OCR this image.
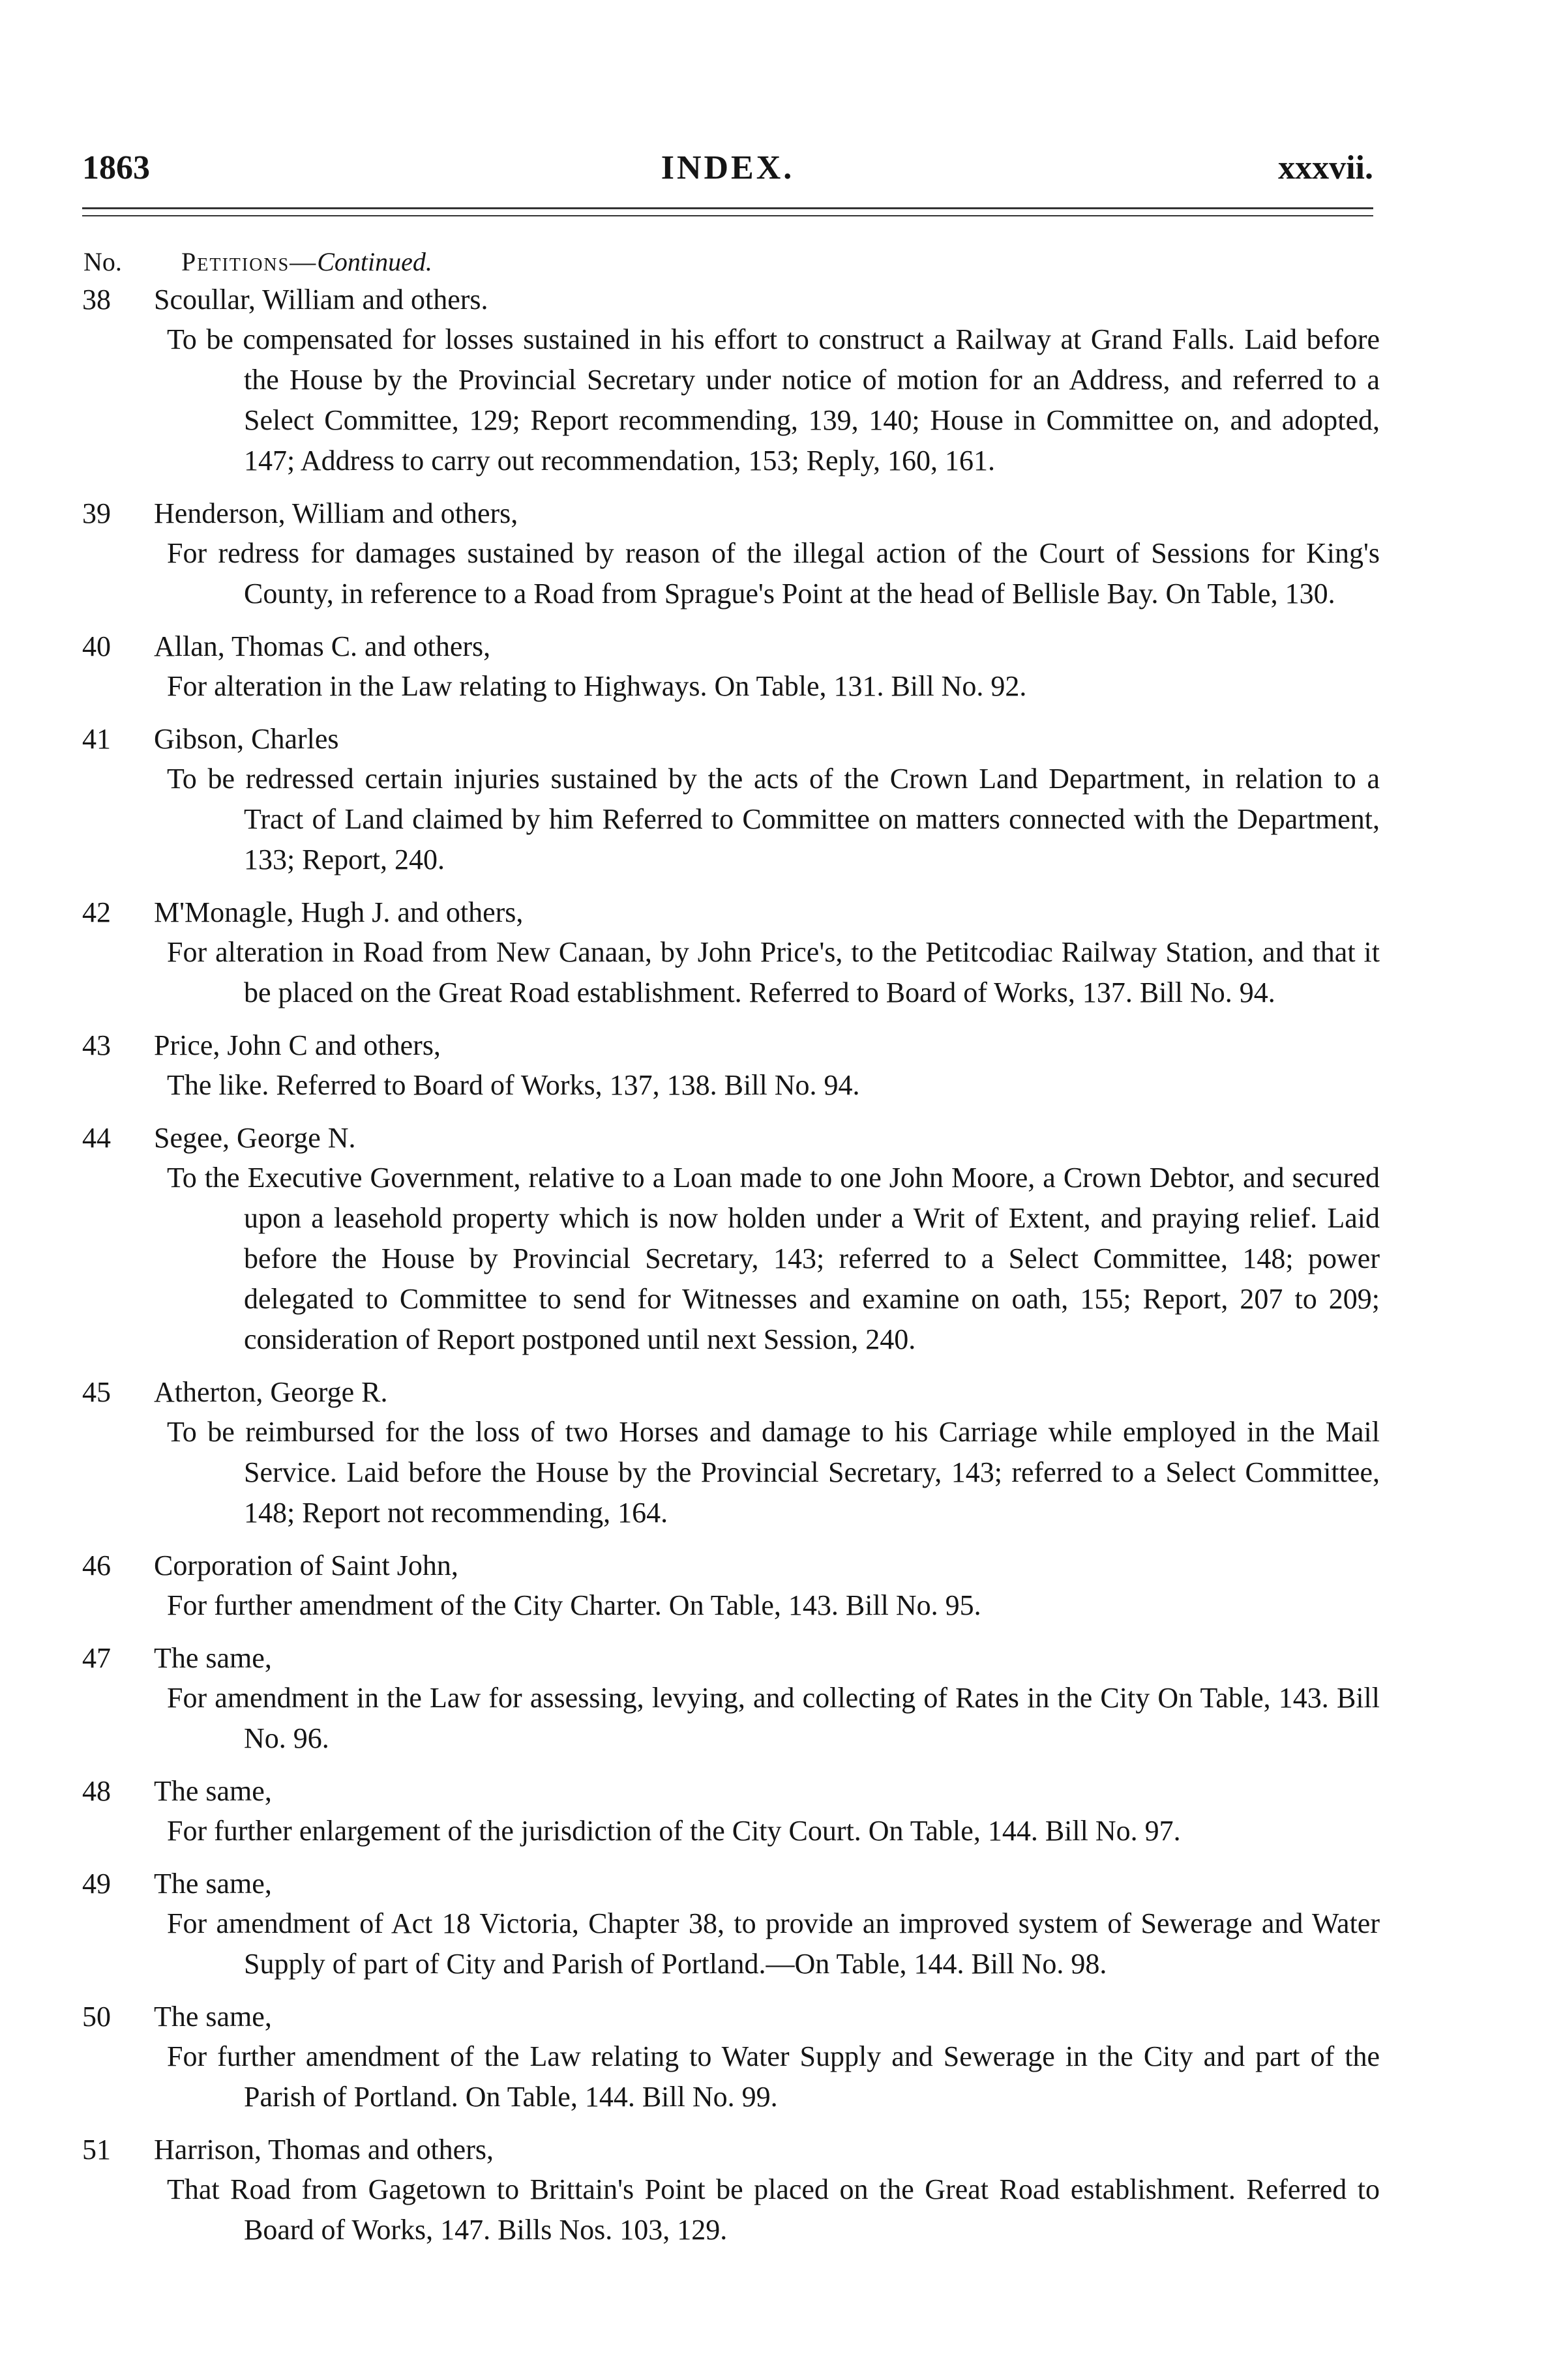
1863	INDEX.	xxxvii.
No. Petitions—Continued.
38 Scoullar, William and others.
To be compensated for losses sustained in his effort to construct a Railway at Grand Falls. Laid before the House by the Provincial Secretary under notice of motion for an Address, and referred to a Select Committee, 129; Report recommending, 139, 140; House in Committee on, and adopted, 147; Address to carry out recommendation, 153; Reply, 160, 161.
39 Henderson, William and others,
For redress for damages sustained by reason of the illegal action of the Court of Sessions for King's County, in reference to a Road from Sprague's Point at the head of Bellisle Bay. On Table, 130.
40 Allan, Thomas C. and others,
For alteration in the Law relating to Highways. On Table, 131. Bill No. 92.
41 Gibson, Charles
To be redressed certain injuries sustained by the acts of the Crown Land Department, in relation to a Tract of Land claimed by him Referred to Committee on matters connected with the Department, 133; Report, 240.
42 M'Monagle, Hugh J. and others,
For alteration in Road from New Canaan, by John Price's, to the Petitcodiac Railway Station, and that it be placed on the Great Road establishment. Referred to Board of Works, 137. Bill No. 94.
43 Price, John C and others,
The like. Referred to Board of Works, 137, 138. Bill No. 94.
44 Segee, George N.
To the Executive Government, relative to a Loan made to one John Moore, a Crown Debtor, and secured upon a leasehold property which is now holden under a Writ of Extent, and praying relief. Laid before the House by Provincial Secretary, 143; referred to a Select Committee, 148; power delegated to Committee to send for Witnesses and examine on oath, 155; Report, 207 to 209; consideration of Report postponed until next Session, 240.
45 Atherton, George R.
To be reimbursed for the loss of two Horses and damage to his Carriage while employed in the Mail Service. Laid before the House by the Provincial Secretary, 143; referred to a Select Committee, 148; Report not recommending, 164.
46 Corporation of Saint John,
For further amendment of the City Charter. On Table, 143. Bill No. 95.
47 The same,
For amendment in the Law for assessing, levying, and collecting of Rates in the City On Table, 143. Bill No. 96.
48 The same,
For further enlargement of the jurisdiction of the City Court. On Table, 144. Bill No. 97.
49 The same,
For amendment of Act 18 Victoria, Chapter 38, to provide an improved system of Sewerage and Water Supply of part of City and Parish of Portland.—On Table, 144. Bill No. 98.
50 The same,
For further amendment of the Law relating to Water Supply and Sewerage in the City and part of the Parish of Portland. On Table, 144. Bill No. 99.
51 Harrison, Thomas and others,
That Road from Gagetown to Brittain's Point be placed on the Great Road establishment. Referred to Board of Works, 147. Bills Nos. 103, 129.
